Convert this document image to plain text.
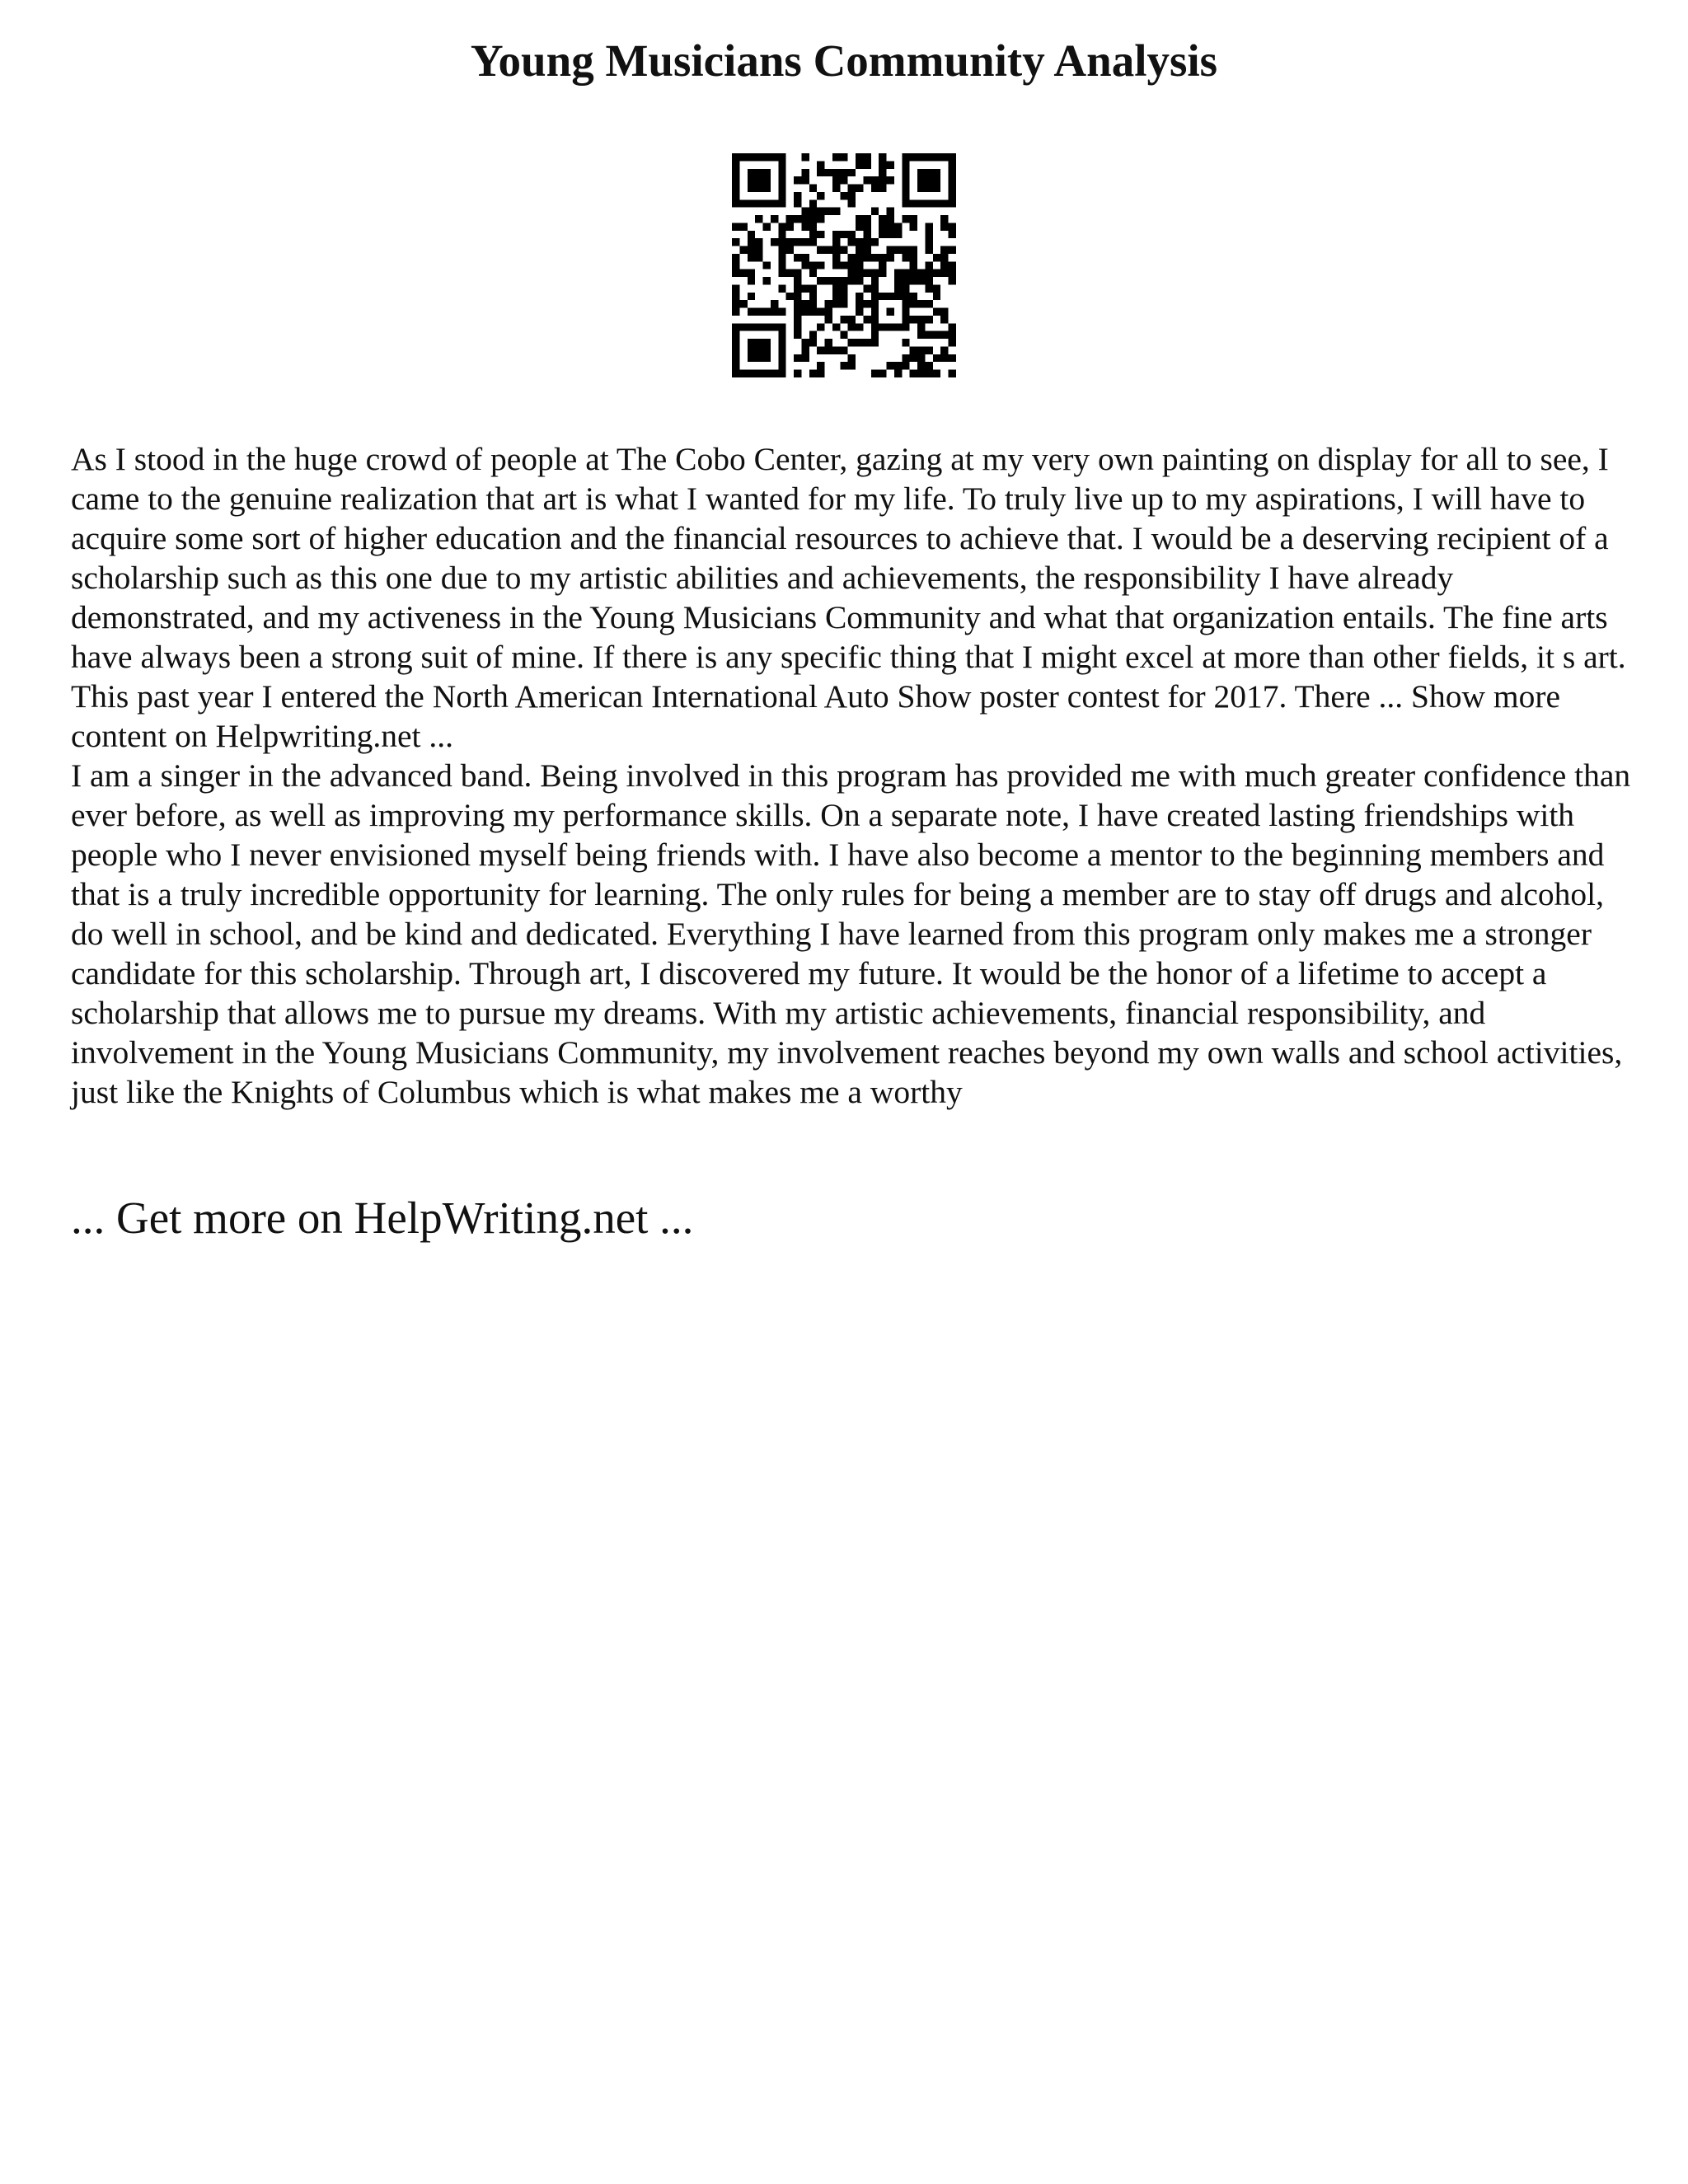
Young Musicians Community Analysis

As I stood in the huge crowd of people at The Cobo Center, gazing at my very own painting on display for all to see, I came to the genuine realization that art is what I wanted for my life. To truly live up to my aspirations, I will have to acquire some sort of higher education and the financial resources to achieve that. I would be a deserving recipient of a scholarship such as this one due to my artistic abilities and achievements, the responsibility I have already demonstrated, and my activeness in the Young Musicians Community and what that organization entails. The fine arts have always been a strong suit of mine. If there is any specific thing that I might excel at more than other fields, it s art. This past year I entered the North American International Auto Show poster contest for 2017. There ... Show more content on Helpwriting.net ...

I am a singer in the advanced band. Being involved in this program has provided me with much greater confidence than ever before, as well as improving my performance skills. On a separate note, I have created lasting friendships with people who I never envisioned myself being friends with. I have also become a mentor to the beginning members and that is a truly incredible opportunity for learning. The only rules for being a member are to stay off drugs and alcohol, do well in school, and be kind and dedicated. Everything I have learned from this program only makes me a stronger candidate for this scholarship. Through art, I discovered my future. It would be the honor of a lifetime to accept a scholarship that allows me to pursue my dreams. With my artistic achievements, financial responsibility, and involvement in the Young Musicians Community, my involvement reaches beyond my own walls and school activities, just like the Knights of Columbus which is what makes me a worthy

... Get more on HelpWriting.net ...
